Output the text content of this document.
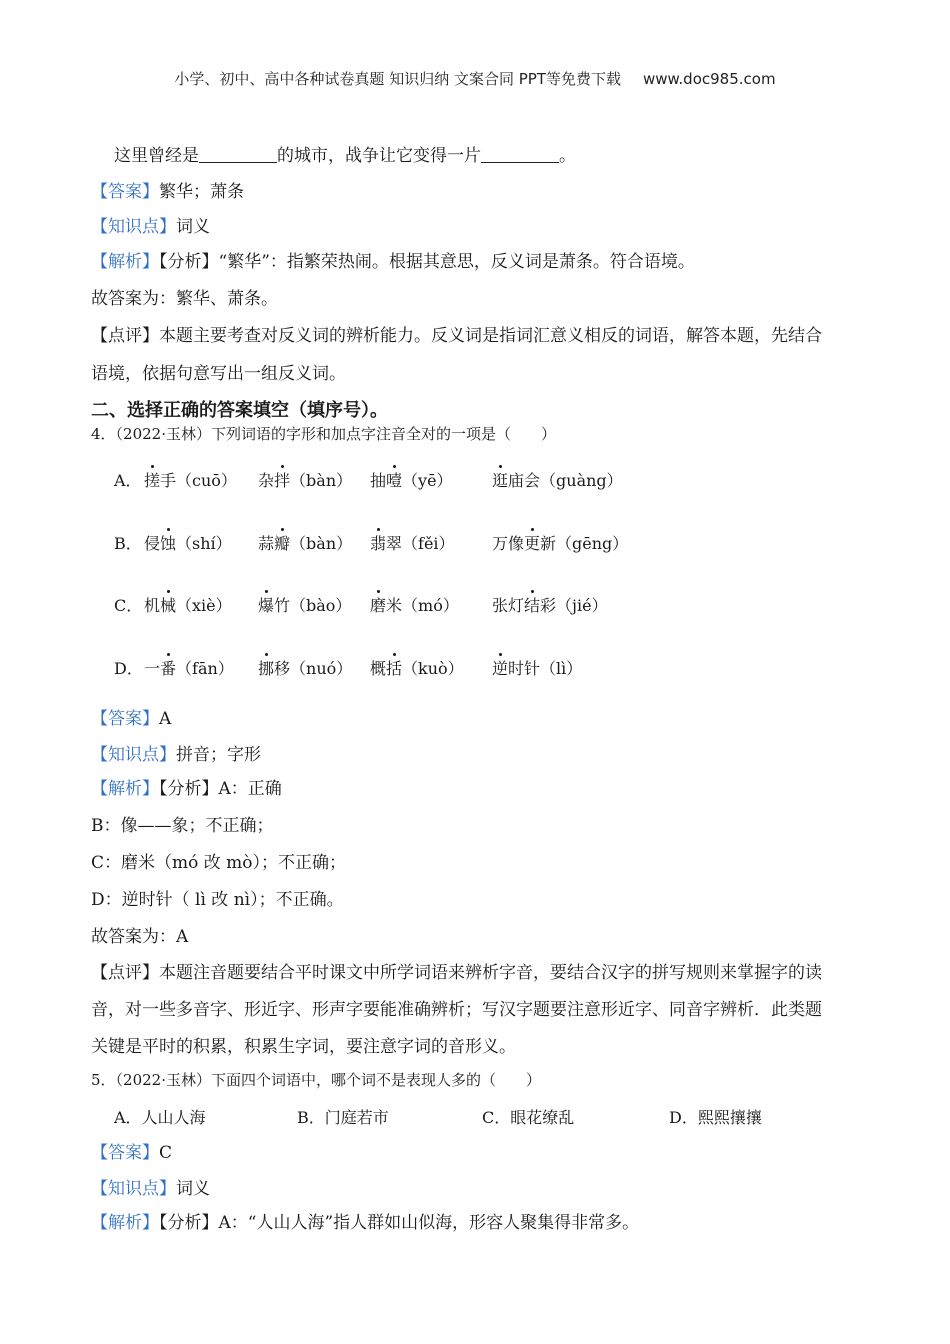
小学、初中、高中各种试卷真题 知识归纳 文案合同 PPT等免费下载 www.doc985.com
这里曾经是	的城市，战争让它变得一片	。
【答案】繁华；萧条
【知识点】词义
【解析】【分析】“繁华”：指繁荣热闹。根据其意思，反义词是萧条。符合语境。
故答案为：繁华、萧条。
【点评】本题主要考查对反义词的辨析能力。反义词是指词汇意义相反的词语，解答本题，先结合
语境，依据句意写出一组反义词。
二、选择正确的答案填空（填序号）。
4．（2022·玉林）下列词语的字形和加点字注音全对的一项是（　　）
A． 搓手（cuō） 杂拌（bàn） 抽噎（yē） 逛庙会（guàng）
B． 侵蚀（shí） 蒜瓣（bàn） 翡翠（fěi） 万像更新（gēng）
C． 机械（xiè） 爆竹（bào） 磨米（mó） 张灯结彩（jié）
D． 一番（fān） 挪移（nuó） 概括（kuò） 逆时针（lì）
【答案】A
【知识点】拼音；字形
【解析】【分析】A：正确
B：像——象；不正确；
C：磨米（mó 改 mò）；不正确；
D：逆时针（ lì 改 nì）；不正确。
故答案为：A
【点评】本题注音题要结合平时课文中所学词语来辨析字音，要结合汉字的拼写规则来掌握字的读
音，对一些多音字、形近字、形声字要能准确辨析；写汉字题要注意形近字、同音字辨析．此类题
关键是平时的积累，积累生字词，要注意字词的音形义。
5．（2022·玉林）下面四个词语中，哪个词不是表现人多的（　　）
A．人山人海	B．门庭若市	C．眼花缭乱	D．熙熙攘攘
【答案】C
【知识点】词义
【解析】【分析】A：“人山人海”指人群如山似海，形容人聚集得非常多。
